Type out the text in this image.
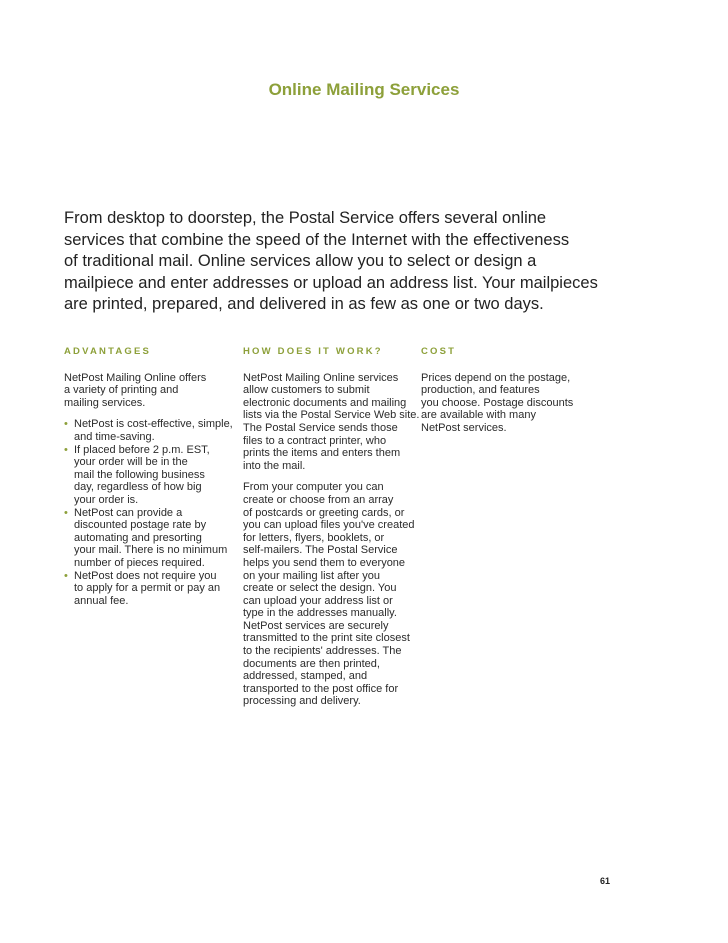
Online Mailing Services
From desktop to doorstep, the Postal Service offers several online
services that combine the speed of the Internet with the effectiveness
of traditional mail. Online services allow you to select or design a
mailpiece and enter addresses or upload an address list. Your mailpieces
are printed, prepared, and delivered in as few as one or two days.
ADVANTAGES
NetPost Mailing Online offers
a variety of printing and
mailing services.
• NetPost is cost-effective, simple,
and time-saving.
• If placed before 2 p.m. EST,
your order will be in the
mail the following business
day, regardless of how big
your order is.
• NetPost can provide a
discounted postage rate by
automating and presorting
your mail. There is no minimum
number of pieces required.
• NetPost does not require you
to apply for a permit or pay an
annual fee.
HOW DOES IT WORK?
NetPost Mailing Online services
allow customers to submit
electronic documents and mailing
lists via the Postal Service Web site.
The Postal Service sends those
files to a contract printer, who
prints the items and enters them
into the mail.
From your computer you can
create or choose from an array
of postcards or greeting cards, or
you can upload files you've created
for letters, flyers, booklets, or
self-mailers. The Postal Service
helps you send them to everyone
on your mailing list after you
create or select the design. You
can upload your address list or
type in the addresses manually.
NetPost services are securely
transmitted to the print site closest
to the recipients' addresses. The
documents are then printed,
addressed, stamped, and
transported to the post office for
processing and delivery.
COST
Prices depend on the postage,
production, and features
you choose. Postage discounts
are available with many
NetPost services.
61
